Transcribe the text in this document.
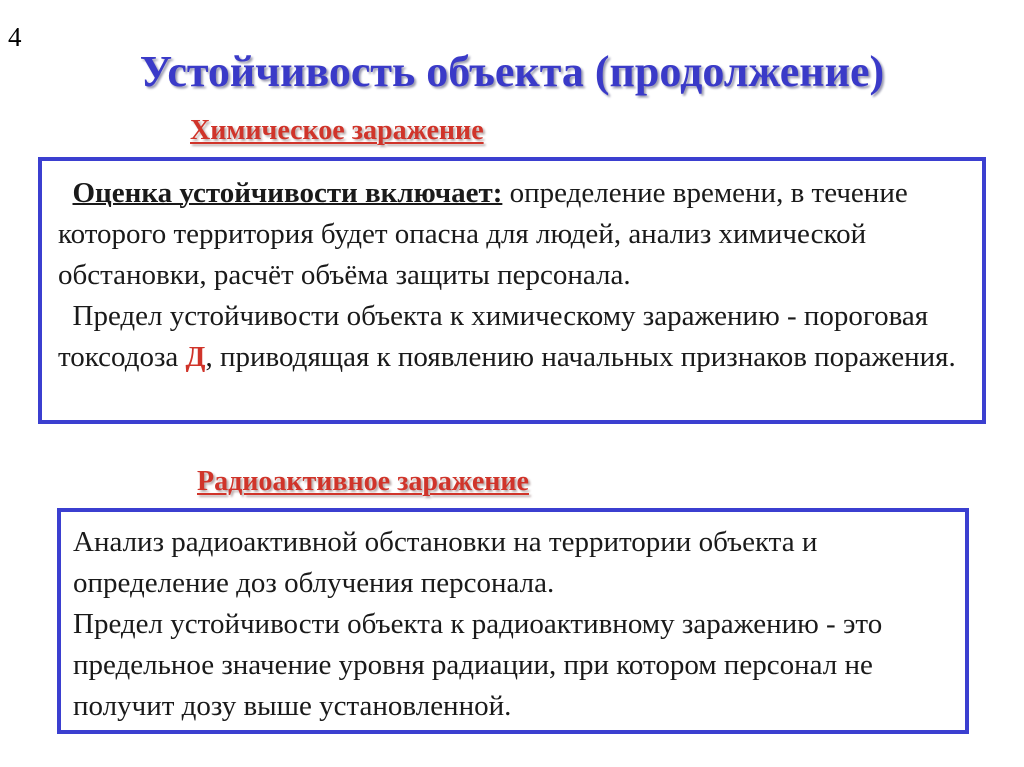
4
Устойчивость объекта (продолжение)
Химическое заражение

Оценка устойчивости включает: определение времени, в течение которого территория будет опасна для людей, анализ химической обстановки, расчёт объёма защиты персонала.

Предел устойчивости объекта к химическому заражению - пороговая токсодоза Д, приводящая к появлению начальных признаков поражения.

Радиоактивное заражение

Анализ радиоактивной обстановки на территории объекта и определение доз облучения персонала.

Предел устойчивости объекта к радиоактивному заражению - это предельное значение уровня радиации, при котором персонал не получит дозу выше установленной.
